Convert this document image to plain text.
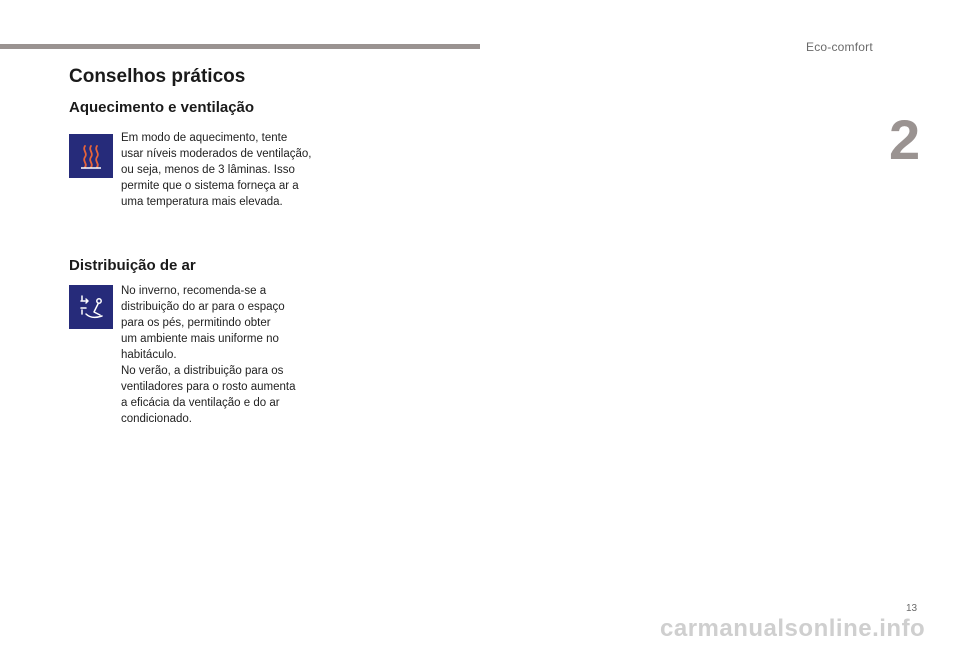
Eco-comfort
2
Conselhos práticos
Aquecimento e ventilação

Em modo de aquecimento, tente
usar níveis moderados de ventilação,
ou seja, menos de 3 lâminas. Isso
permite que o sistema forneça ar a
uma temperatura mais elevada.

Distribuição de ar

No inverno, recomenda-se a
distribuição do ar para o espaço
para os pés, permitindo obter
um ambiente mais uniforme no
habitáculo.
No verão, a distribuição para os
ventiladores para o rosto aumenta
a eficácia da ventilação e do ar
condicionado.

13
carmanualsonline.info
